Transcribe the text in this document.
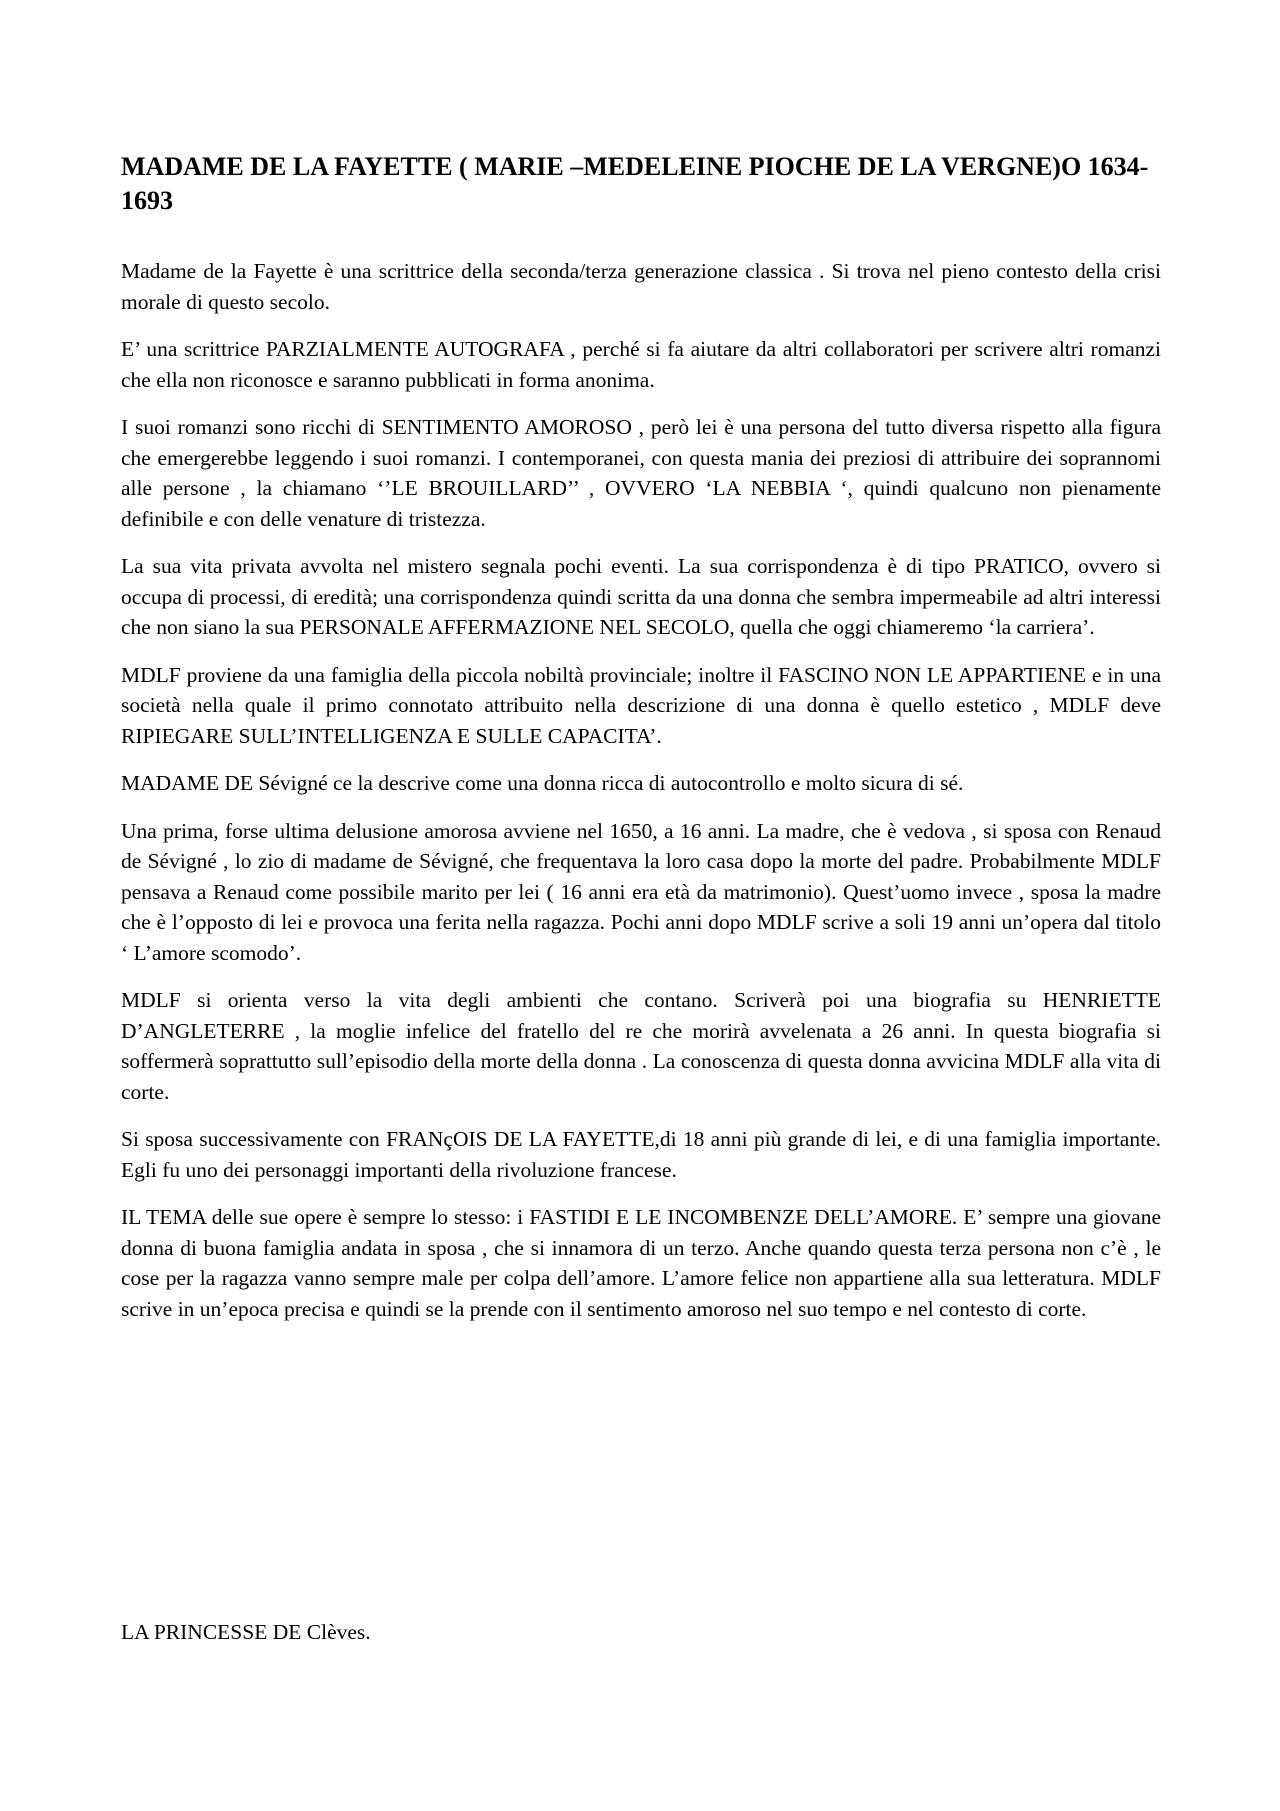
MADAME DE LA FAYETTE ( MARIE –MEDELEINE PIOCHE DE LA VERGNE)O 1634-1693

Madame de la Fayette è una scrittrice della seconda/terza generazione classica . Si trova nel pieno contesto della crisi morale di questo secolo.

E’ una scrittrice PARZIALMENTE AUTOGRAFA , perché si fa aiutare da altri collaboratori per scrivere altri romanzi che ella non riconosce e saranno pubblicati in forma anonima.

I suoi romanzi sono ricchi di SENTIMENTO AMOROSO , però lei è una persona del tutto diversa rispetto alla figura che emergerebbe leggendo i suoi romanzi. I contemporanei, con questa mania dei preziosi di attribuire dei soprannomi alle persone , la chiamano ‘’LE BROUILLARD’’ , OVVERO ‘LA NEBBIA ‘, quindi qualcuno non pienamente definibile e con delle venature di tristezza.

La sua vita privata avvolta nel mistero segnala pochi eventi. La sua corrispondenza è di tipo PRATICO, ovvero si occupa di processi, di eredità; una corrispondenza quindi scritta da una donna che sembra impermeabile ad altri interessi che non siano la sua PERSONALE AFFERMAZIONE NEL SECOLO, quella che oggi chiameremo ‘la carriera’.

MDLF proviene da una famiglia della piccola nobiltà provinciale; inoltre il FASCINO NON LE APPARTIENE e in una società nella quale il primo connotato attribuito nella descrizione di una donna è quello estetico , MDLF deve RIPIEGARE SULL’INTELLIGENZA E SULLE CAPACITA’.

MADAME DE Sévigné ce la descrive come una donna ricca di autocontrollo e molto sicura di sé.

Una prima, forse ultima delusione amorosa avviene nel 1650, a 16 anni. La madre, che è vedova , si sposa con Renaud de Sévigné , lo zio di madame de Sévigné, che frequentava la loro casa dopo la morte del padre. Probabilmente MDLF pensava a Renaud come possibile marito per lei ( 16 anni era età da matrimonio). Quest’uomo invece , sposa la madre che è l’opposto di lei e provoca una ferita nella ragazza. Pochi anni dopo MDLF scrive a soli 19 anni un’opera dal titolo ‘ L’amore scomodo’.

MDLF si orienta verso la vita degli ambienti che contano. Scriverà poi una biografia su HENRIETTE D’ANGLETERRE , la moglie infelice del fratello del re che morirà avvelenata a 26 anni. In questa biografia si soffermerà soprattutto sull’episodio della morte della donna . La conoscenza di questa donna avvicina MDLF alla vita di corte.

Si sposa successivamente con FRANçOIS DE LA FAYETTE,di 18 anni più grande di lei, e di una famiglia importante. Egli fu uno dei personaggi importanti della rivoluzione francese.

IL TEMA delle sue opere è sempre lo stesso: i FASTIDI E LE INCOMBENZE DELL’AMORE. E’ sempre una giovane donna di buona famiglia andata in sposa , che si innamora di un terzo. Anche quando questa terza persona non c’è , le cose per la ragazza vanno sempre male per colpa dell’amore. L’amore felice non appartiene alla sua letteratura. MDLF scrive in un’epoca precisa e quindi se la prende con il sentimento amoroso nel suo tempo e nel contesto di corte.

LA PRINCESSE DE Clèves.
